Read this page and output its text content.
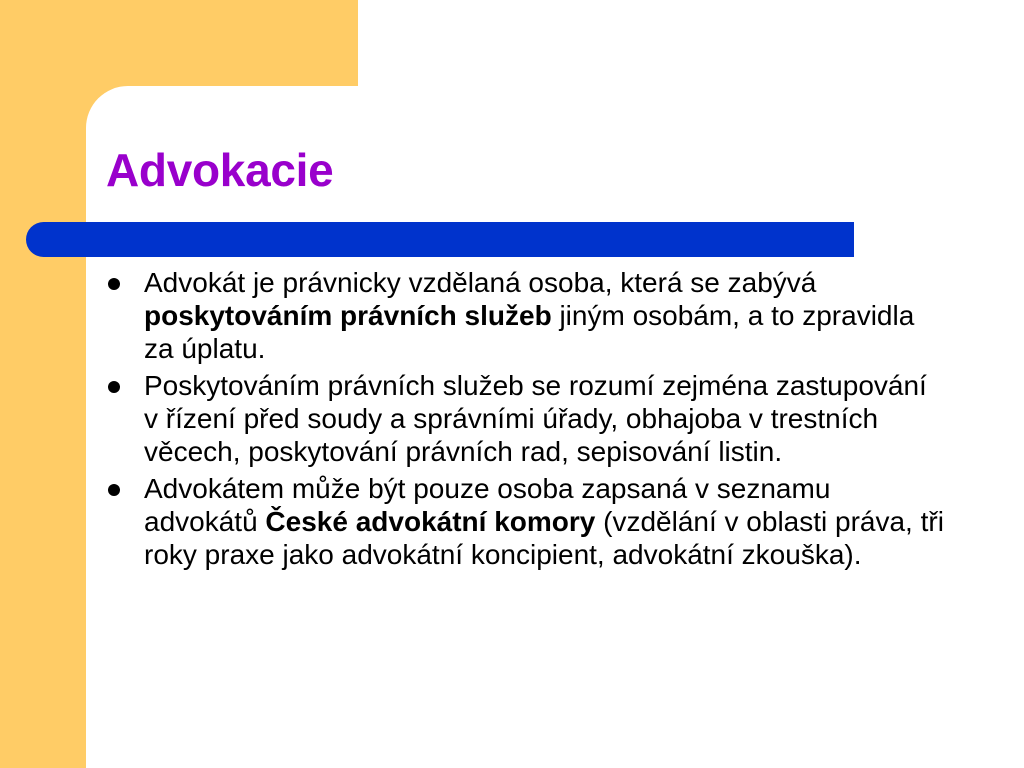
Advokacie
Advokát je právnicky vzdělaná osoba, která se zabývá poskytováním právních služeb jiným osobám, a to zpravidla za úplatu.
Poskytováním právních služeb se rozumí zejména zastupování v řízení před soudy a správními úřady, obhajoba v trestních věcech, poskytování právních rad, sepisování listin.
Advokátem může být pouze osoba zapsaná v seznamu advokátů České advokátní komory (vzdělání v oblasti práva, tři roky praxe jako advokátní koncipient, advokátní zkouška).
